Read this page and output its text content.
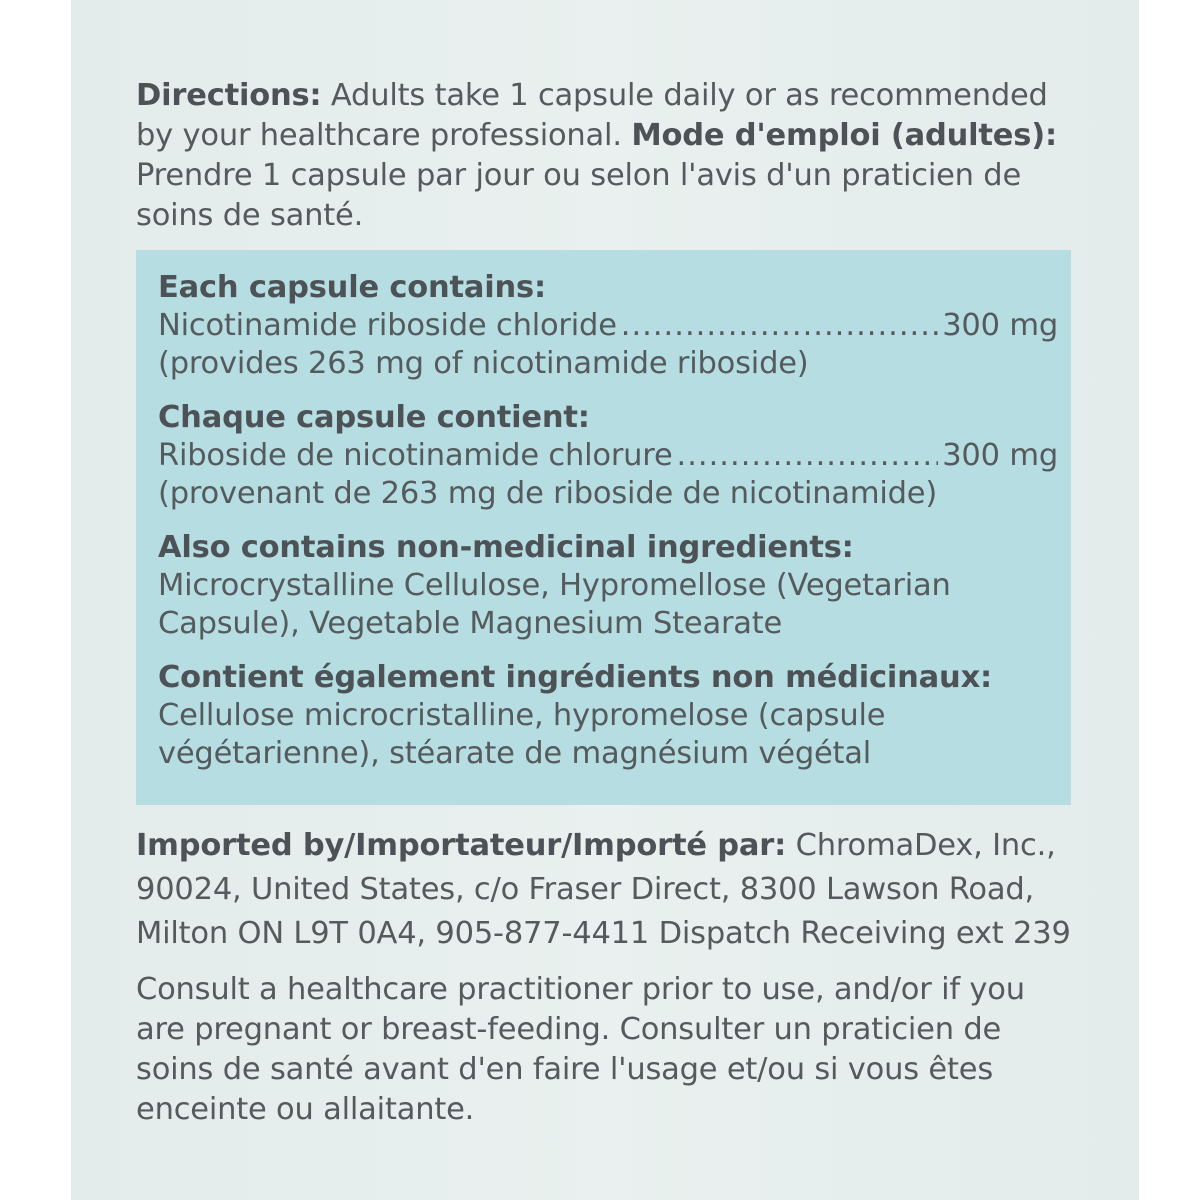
Directions: Adults take 1 capsule daily or as recommended by your healthcare professional. Mode d'emploi (adultes): Prendre 1 capsule par jour ou selon l'avis d'un praticien de soins de santé.

Each capsule contains:
Nicotinamide riboside chloride .....	300 mg
(provides 263 mg of nicotinamide riboside)
Chaque capsule contient:
Riboside de nicotinamide chlorure .....	300 mg
(provenant de 263 mg de riboside de nicotinamide)
Also contains non-medicinal ingredients: Microcrystalline Cellulose, Hypromellose (Vegetarian Capsule), Vegetable Magnesium Stearate
Contient également ingrédients non médicinaux: Cellulose microcristalline, hypromelose (capsule végétarienne), stéarate de magnésium végétal

Imported by/Importateur/Importé par: ChromaDex, Inc., 90024, United States, c/o Fraser Direct, 8300 Lawson Road, Milton ON L9T 0A4, 905-877-4411 Dispatch Receiving ext 239

Consult a healthcare practitioner prior to use, and/or if you are pregnant or breast-feeding. Consulter un praticien de soins de santé avant d'en faire l'usage et/ou si vous êtes enceinte ou allaitante.
